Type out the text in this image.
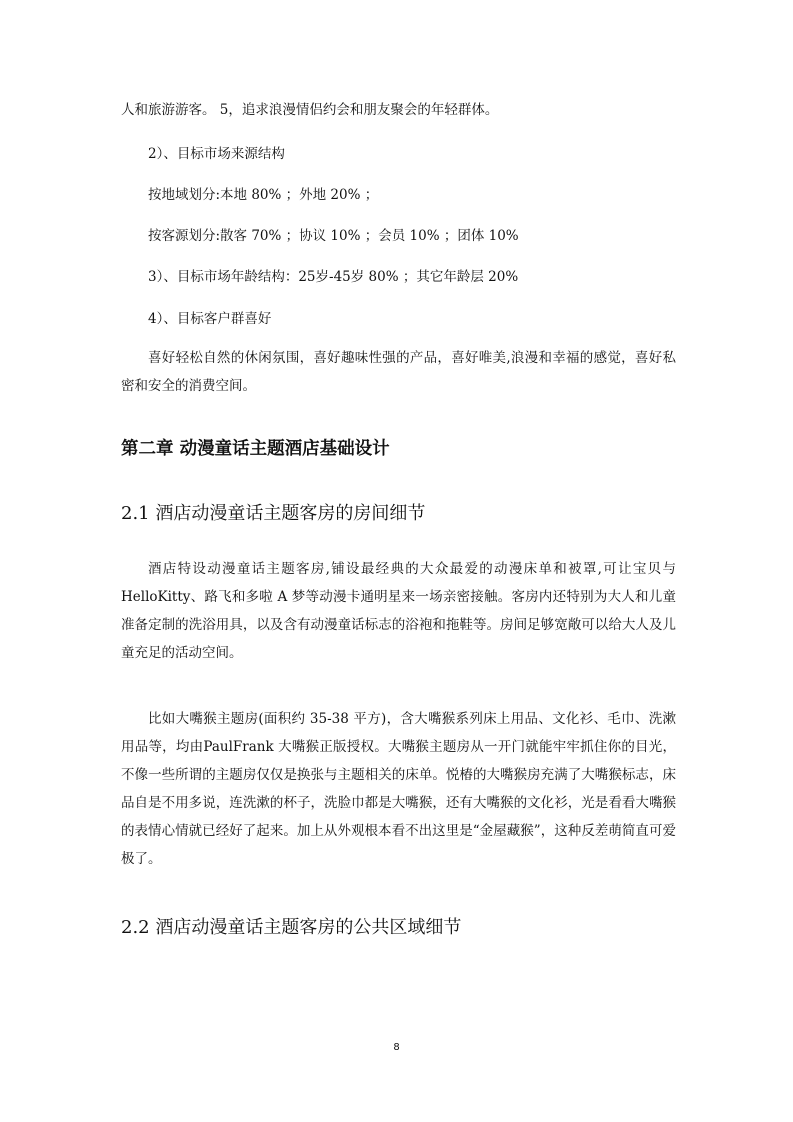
人和旅游游客。 5，追求浪漫情侣约会和朋友聚会的年轻群体。
2）、目标市场来源结构
按地域划分:本地 80% ；外地 20% ；
按客源划分:散客 70% ；协议 10% ；会员 10% ；团体 10%
3）、目标市场年龄结构：25岁-45岁 80% ；其它年龄层 20%
4）、目标客户群喜好
喜好轻松自然的休闲氛围，喜好趣味性强的产品，喜好唯美,浪漫和幸福的感觉，喜好私密和安全的消费空间。
第二章 动漫童话主题酒店基础设计
2.1 酒店动漫童话主题客房的房间细节
酒店特设动漫童话主题客房,铺设最经典的大众最爱的动漫床单和被罩,可让宝贝与HelloKitty、路飞和多啦 A 梦等动漫卡通明星来一场亲密接触。客房内还特别为大人和儿童准备定制的洗浴用具，以及含有动漫童话标志的浴袍和拖鞋等。房间足够宽敞可以给大人及儿童充足的活动空间。
比如大嘴猴主题房(面积约 35-38 平方)，含大嘴猴系列床上用品、文化衫、毛巾、洗漱用品等，均由PaulFrank 大嘴猴正版授权。大嘴猴主题房从一开门就能牢牢抓住你的目光，不像一些所谓的主题房仅仅是换张与主题相关的床单。悦椿的大嘴猴房充满了大嘴猴标志，床品自是不用多说，连洗漱的杯子，洗脸巾都是大嘴猴，还有大嘴猴的文化衫，光是看看大嘴猴的表情心情就已经好了起来。加上从外观根本看不出这里是“金屋藏猴”，这种反差萌简直可爱极了。
2.2 酒店动漫童话主题客房的公共区域细节
8
